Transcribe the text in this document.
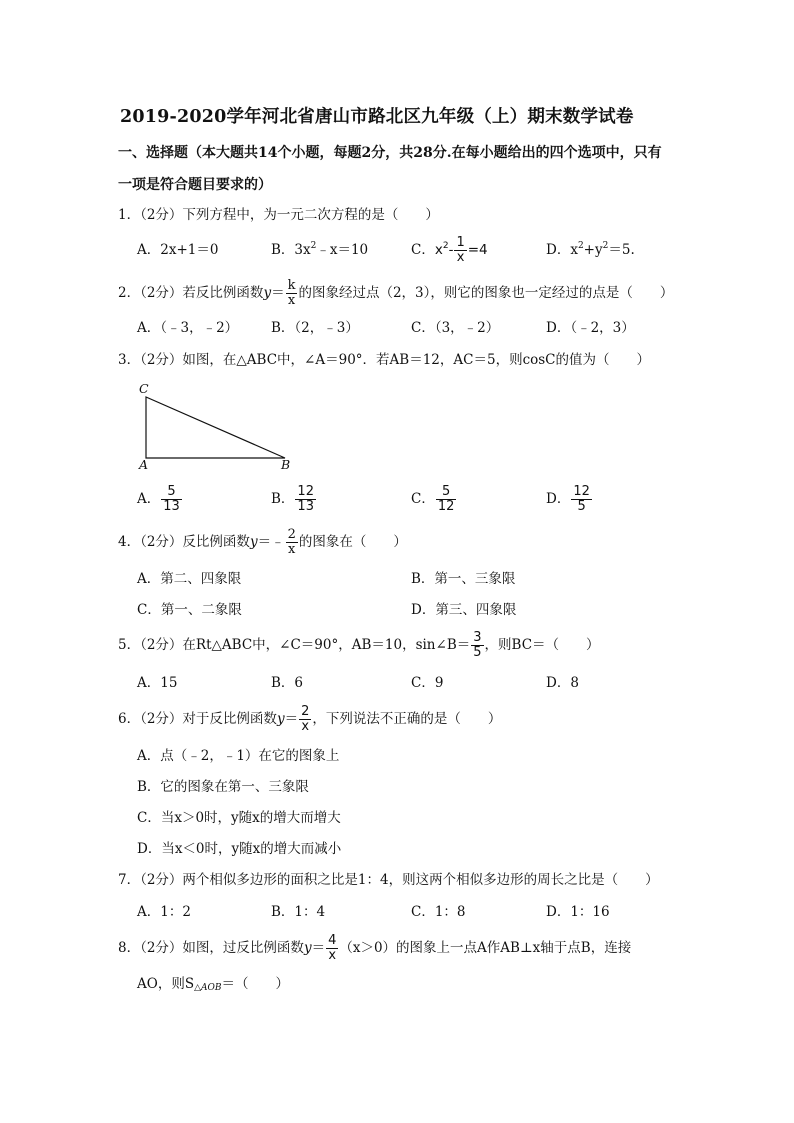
2019-2020学年河北省唐山市路北区九年级（上）期末数学试卷
一、选择题（本大题共14个小题，每题2分，共28分.在每小题给出的四个选项中，只有
一项是符合题目要求的）
1．（2分）下列方程中，为一元二次方程的是（　　）
A．2x+1＝0	B．$3x^2﹣x=10$	C．$x^2- \frac{1}{x} =4$	D．$x^2+y^2=5$.
2．（2分）若反比例函数$y= \frac{k}{x}$ 的图象经过点（2，3），则它的图象也一定经过的点是（　　）
A．（﹣3，﹣2） B．（2，﹣3）	C．（3，﹣2）	D．（﹣2，3）
3．（2分）如图，在△ABC中，∠A＝90°．若AB＝12，AC＝5，则cosC的值为（　　）
C
A	B
A． $\frac{5}{13}$	B． $\frac{12}{13}$	C． $\frac{5}{12}$	D． $\frac{12}{5}$
4．（2分）反比例函数y＝﹣ $\frac{2}{x}$ 的图象在（　　）
A．第二、四象限	B．第一、三象限
C．第一、二象限	D．第三、四象限
5．（2分）在Rt△ABC中，∠C＝90°，AB＝10，sin∠B＝ $\frac{3}{5}$ ，则BC＝（　　）
A．15	B．6	C．9	D．8
6．（2分）对于反比例函数$y= \frac{2}{x}$ ，下列说法不正确的是（　　）
A．点（﹣2，﹣1）在它的图象上
B．它的图象在第一、三象限
C．当x＞0时，y随x的增大而增大
D．当x＜0时，y随x的增大而减小
7．（2分）两个相似多边形的面积之比是1：4，则这两个相似多边形的周长之比是（　　）
A．1：2	B．1：4	C．1：8	D．1：16
8．（2分）如图，过反比例函数$y= \frac{4}{x} (x>0)$的图象上一点A作AB⊥x轴于点B，连接
AO，则$S_{\triangle AOB}=$（　　）
